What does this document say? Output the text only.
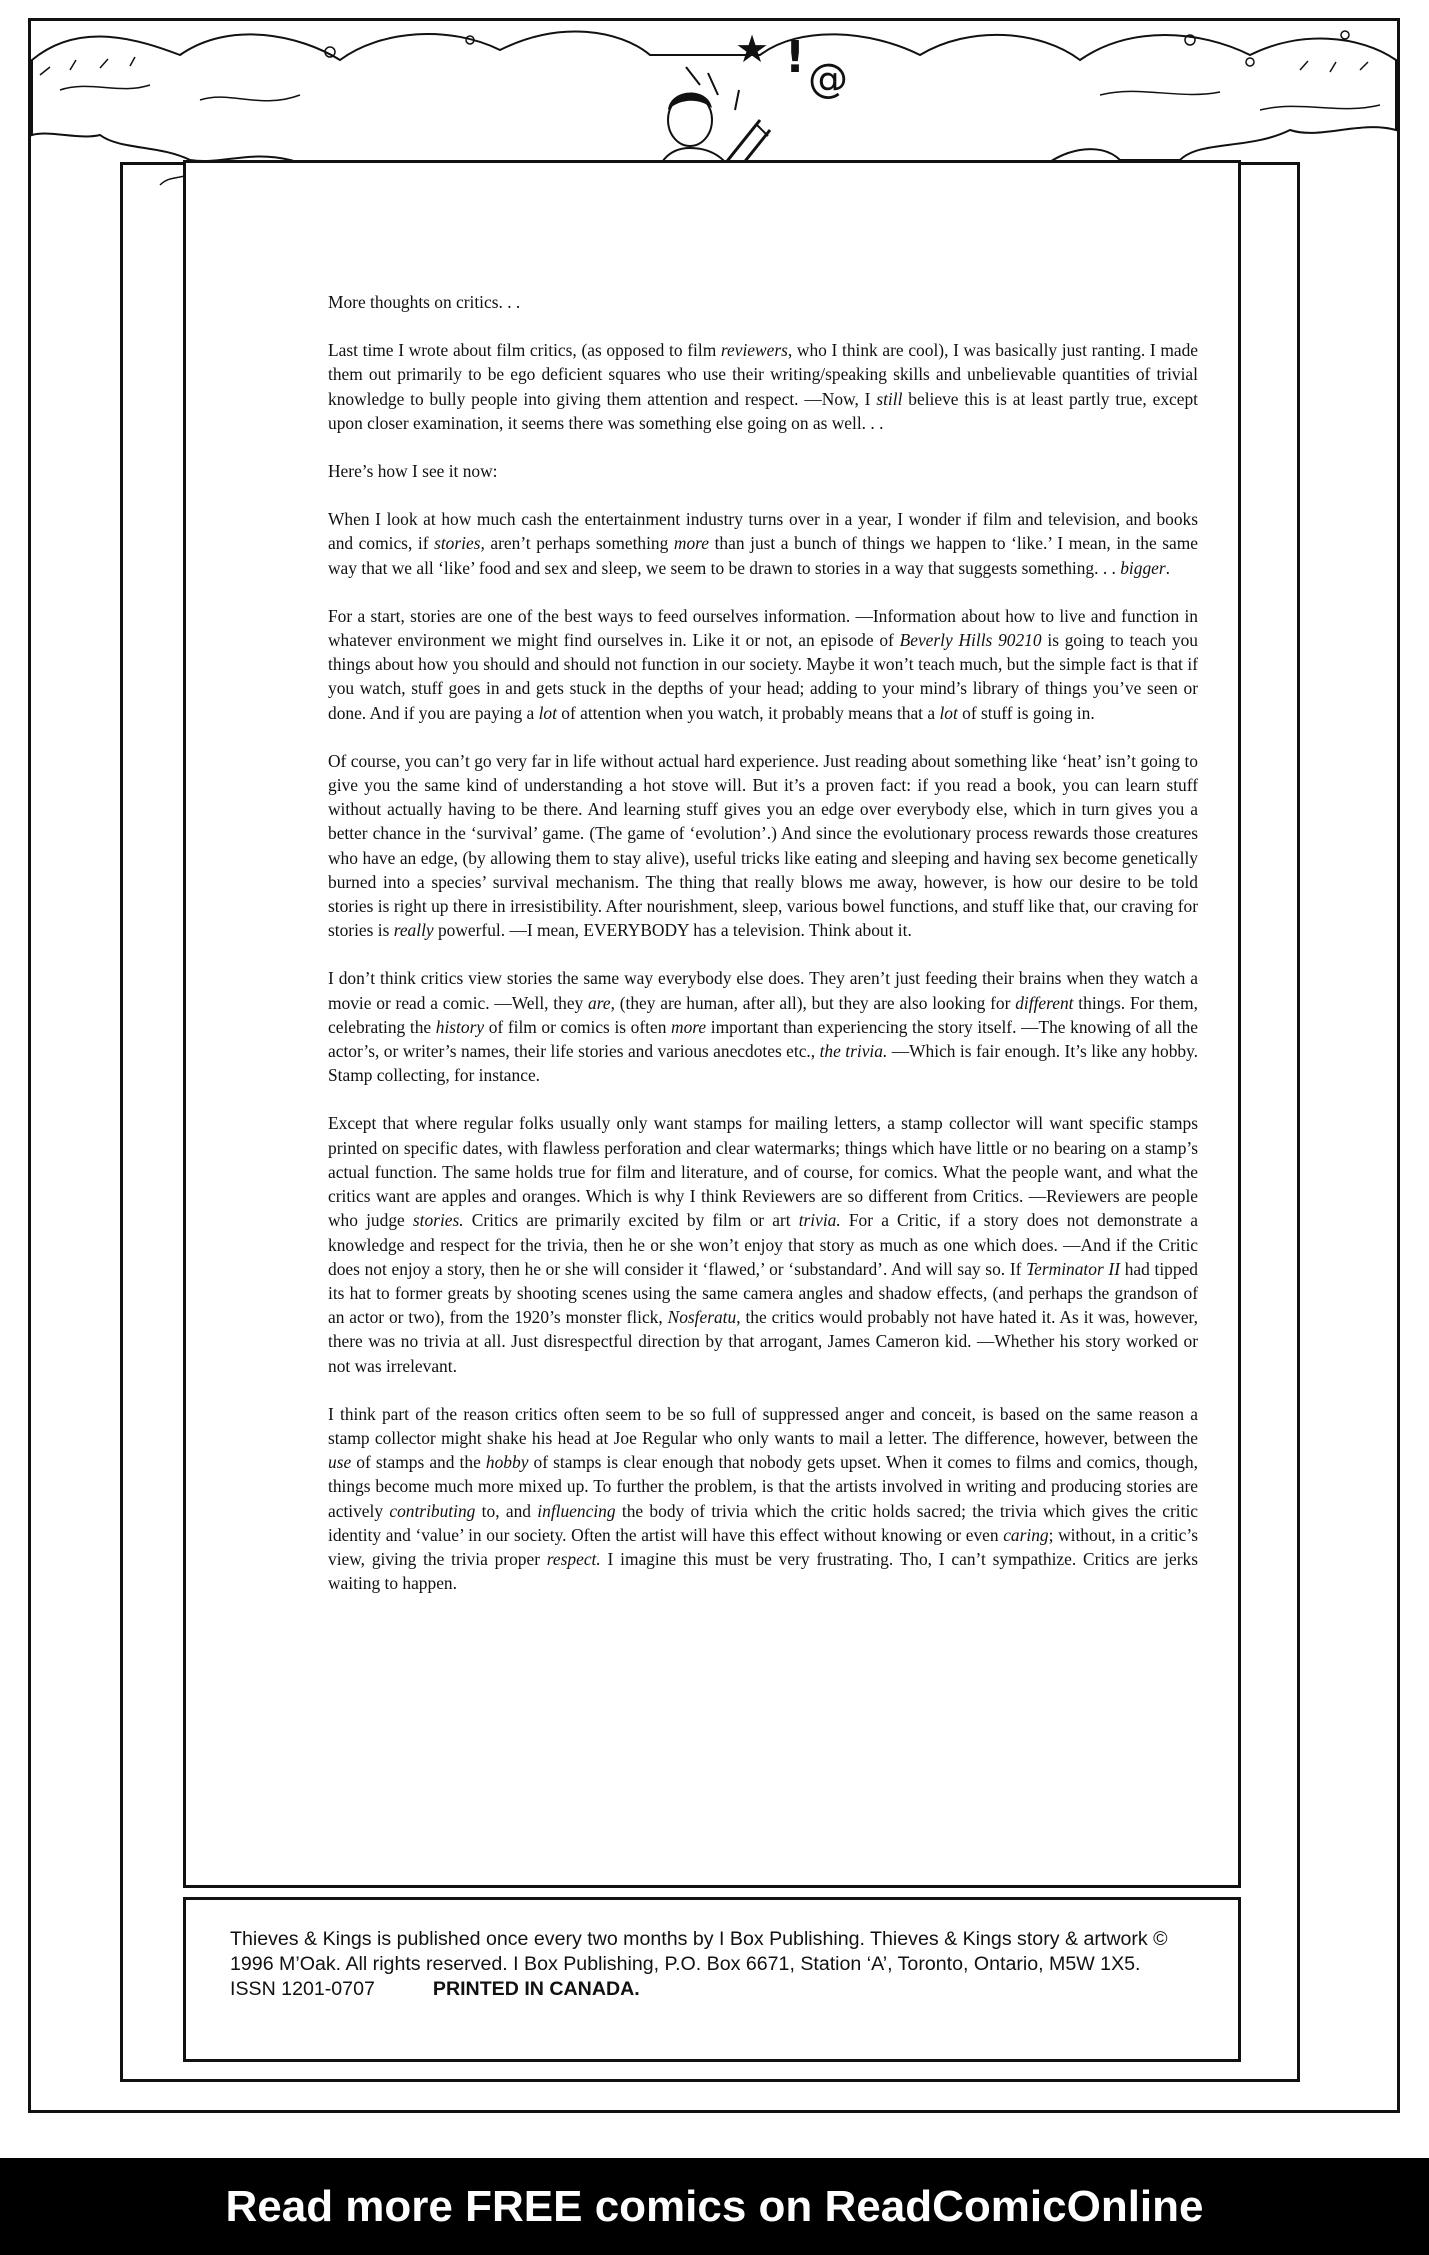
★ ! @

More thoughts on critics. . .

Last time I wrote about film critics, (as opposed to film reviewers, who I think are cool), I was basically just ranting. I made them out primarily to be ego deficient squares who use their writing/speaking skills and unbelievable quantities of trivial knowledge to bully people into giving them attention and respect. —Now, I still believe this is at least partly true, except upon closer examination, it seems there was something else going on as well. . .

Here’s how I see it now:

When I look at how much cash the entertainment industry turns over in a year, I wonder if film and television, and books and comics, if stories, aren’t perhaps something more than just a bunch of things we happen to ‘like.’ I mean, in the same way that we all ‘like’ food and sex and sleep, we seem to be drawn to stories in a way that suggests something. . . bigger.

For a start, stories are one of the best ways to feed ourselves information. —Information about how to live and function in whatever environment we might find ourselves in. Like it or not, an episode of Beverly Hills 90210 is going to teach you things about how you should and should not function in our society. Maybe it won’t teach much, but the simple fact is that if you watch, stuff goes in and gets stuck in the depths of your head; adding to your mind’s library of things you’ve seen or done. And if you are paying a lot of attention when you watch, it probably means that a lot of stuff is going in.

Of course, you can’t go very far in life without actual hard experience. Just reading about something like ‘heat’ isn’t going to give you the same kind of understanding a hot stove will. But it’s a proven fact: if you read a book, you can learn stuff without actually having to be there. And learning stuff gives you an edge over everybody else, which in turn gives you a better chance in the ‘survival’ game. (The game of ‘evolution’.) And since the evolutionary process rewards those creatures who have an edge, (by allowing them to stay alive), useful tricks like eating and sleeping and having sex become genetically burned into a species’ survival mechanism. The thing that really blows me away, however, is how our desire to be told stories is right up there in irresistibility. After nourishment, sleep, various bowel functions, and stuff like that, our craving for stories is really powerful. —I mean, EVERYBODY has a television. Think about it.

I don’t think critics view stories the same way everybody else does. They aren’t just feeding their brains when they watch a movie or read a comic. —Well, they are, (they are human, after all), but they are also looking for different things. For them, celebrating the history of film or comics is often more important than experiencing the story itself. —The knowing of all the actor’s, or writer’s names, their life stories and various anecdotes etc., the trivia. —Which is fair enough. It’s like any hobby. Stamp collecting, for instance.

Except that where regular folks usually only want stamps for mailing letters, a stamp collector will want specific stamps printed on specific dates, with flawless perforation and clear watermarks; things which have little or no bearing on a stamp’s actual function. The same holds true for film and literature, and of course, for comics. What the people want, and what the critics want are apples and oranges. Which is why I think Reviewers are so different from Critics. —Reviewers are people who judge stories. Critics are primarily excited by film or art trivia. For a Critic, if a story does not demonstrate a knowledge and respect for the trivia, then he or she won’t enjoy that story as much as one which does. —And if the Critic does not enjoy a story, then he or she will consider it ‘flawed,’ or ‘substandard’. And will say so. If Terminator II had tipped its hat to former greats by shooting scenes using the same camera angles and shadow effects, (and perhaps the grandson of an actor or two), from the 1920’s monster flick, Nosferatu, the critics would probably not have hated it. As it was, however, there was no trivia at all. Just disrespectful direction by that arrogant, James Cameron kid. —Whether his story worked or not was irrelevant.

I think part of the reason critics often seem to be so full of suppressed anger and conceit, is based on the same reason a stamp collector might shake his head at Joe Regular who only wants to mail a letter. The difference, however, between the use of stamps and the hobby of stamps is clear enough that nobody gets upset. When it comes to films and comics, though, things become much more mixed up. To further the problem, is that the artists involved in writing and producing stories are actively contributing to, and influencing the body of trivia which the critic holds sacred; the trivia which gives the critic identity and ‘value’ in our society. Often the artist will have this effect without knowing or even caring; without, in a critic’s view, giving the trivia proper respect. I imagine this must be very frustrating. Tho, I can’t sympathize. Critics are jerks waiting to happen.

Thieves & Kings is published once every two months by I Box Publishing. Thieves & Kings story & artwork © 1996 M’Oak. All rights reserved. I Box Publishing, P.O. Box 6671, Station ‘A’, Toronto, Ontario, M5W 1X5. ISSN 1201-0707	PRINTED IN CANADA.
Read more FREE comics on ReadComicOnline
